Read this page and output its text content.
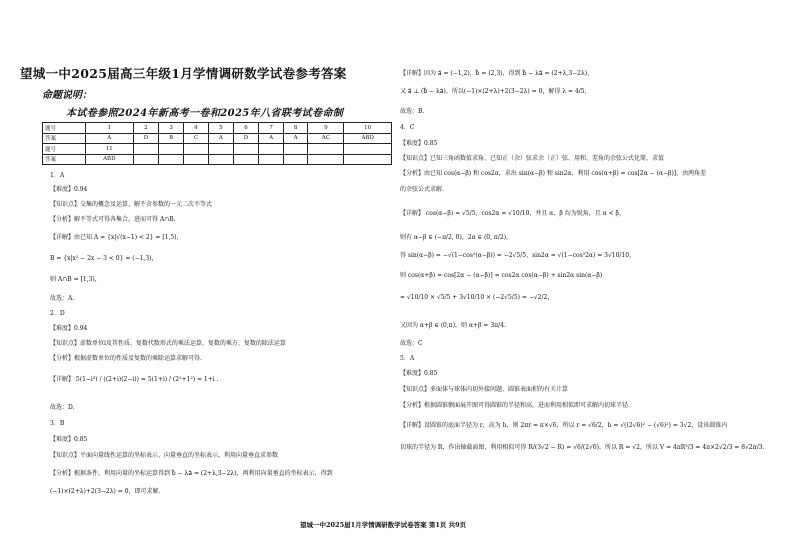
望城一中2025届高三年级1月学情调研数学试卷参考答案
命题说明：
本试卷参照2024年新高考一卷和2025年八省联考试卷命制
题号	1	2	3	4	5	6	7	8	9	10
答案	A	D	B	C	A	D	A	A	AC	ABD
题号	11									
答案	ABD									
1．A
【难度】0.94
【知识点】交集的概念及运算、解不含参数的一元二次不等式
【分析】解不等式可得各集合，进而可得 A∩B.
【详解】由已知 A = {x|√(x−1) < 2} = [1,5)，
B = {x|x² − 2x − 3 < 0} = (−1,3)，
则 A∩B = [1,3)，
故选：A.
2．D
【难度】0.94
【知识点】虚数单位i及其性质、复数代数形式的乘法运算、复数的乘方、复数的除法运算
【分析】根据虚数单位的性质及复数的乘除运算求解可得.
【详解】 5(1−i³) / ((2+i)(2−i)) = 5(1+i) / (2²+1²) = 1+i .
故选：D.
3．B
【难度】0.85
【知识点】平面向量线性运算的坐标表示、向量垂直的坐标表示，利用向量垂直求参数
【分析】根据条件，利用向量的坐标运算得到 b⃗ − λa⃗ = (2+λ,3−2λ)，再利用向量垂直的坐标表示，得到
(−1)×(2+λ)+2(3−2λ) = 0，即可求解.
【详解】因为 a⃗ = (−1,2)，b⃗ = (2,3)，得到 b⃗ − λa⃗ = (2+λ,3−2λ)，
又 a⃗ ⊥ (b⃗ − λa⃗)，所以(−1)×(2+λ)+2(3−2λ) = 0，解得 λ = 4/5，
故选：B.
4．C
【难度】0.85
【知识点】已知三角函数值求角、已知正（余）弦求余（正）弦、用和、差角的余弦公式化简、求值
【分析】由已知 cos(α−β) 和 cos2α，求出 sin(α−β) 和 sin2α，利用 cos(α+β) = cos[2α − (α−β)]，由两角差
的余弦公式求解.
【详解】 cos(α−β) = √5/5，cos2α = √10/10，并且 α、β 均为锐角，且 α < β，
则有 α−β ∈ (−π/2, 0)，2α ∈ (0, π/2)，
得 sin(α−β) = −√(1−cos²(α−β)) = −2√5/5，sin2α = √(1−cos²2α) = 3√10/10，
则 cos(α+β) = cos[2α − (α−β)] = cos2α cos(α−β) + sin2α sin(α−β)
= √10/10 × √5/5 + 3√10/10 × (−2√5/5) = −√2/2，
又因为 α+β ∈ (0,π)，则 α+β = 3π/4.
故选：C
5．A
【难度】0.85
【知识点】多面体与球体内切外接问题、圆锥表面积的有关计算
【分析】根据圆锥侧面展开图可得圆锥的半径和高，进而利用相似即可求解内切球半径.
【详解】设圆锥的底面半径为 r，高为 h，则 2πr = π×√6，所以 r = √6/2，h = √((2√6)² − (√6)²) = 3√2，设该圆锥内
切球的半径为 R，作出轴截面图，利用相似可得 R/(3√2 − R) = √6/(2√6)，所以 R = √2，所以 V = 4πR³/3 = 4π×2√2/3 = 8√2π/3.
望城一中2025届1月学情调研数学试卷答案 第1页 共9页
